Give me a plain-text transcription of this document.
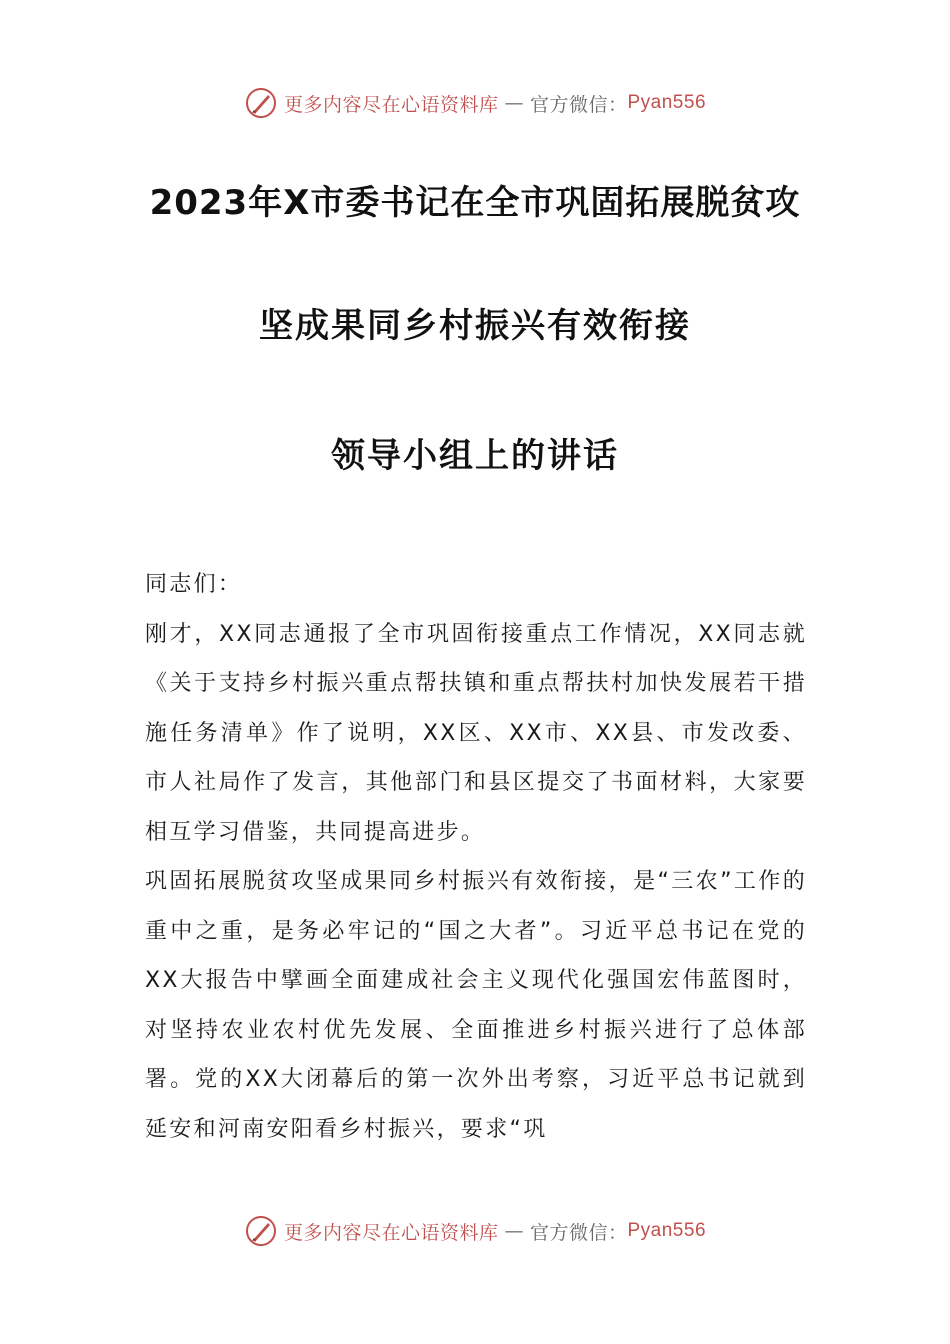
更多内容尽在心语资料库 — 官方微信： Pyan556
2023年X市委书记在全市巩固拓展脱贫攻
坚成果同乡村振兴有效衔接
领导小组上的讲话

同志们：

刚才，XX同志通报了全市巩固衔接重点工作情况，XX同志就《关于支持乡村振兴重点帮扶镇和重点帮扶村加快发展若干措施任务清单》作了说明，XX区、XX市、XX县、市发改委、市人社局作了发言，其他部门和县区提交了书面材料，大家要相互学习借鉴，共同提高进步。

巩固拓展脱贫攻坚成果同乡村振兴有效衔接，是“三农”工作的重中之重，是务必牢记的“国之大者”。习近平总书记在党的XX大报告中擘画全面建成社会主义现代化强国宏伟蓝图时，对坚持农业农村优先发展、全面推进乡村振兴进行了总体部署。党的XX大闭幕后的第一次外出考察，习近平总书记就到延安和河南安阳看乡村振兴，要求“巩

更多内容尽在心语资料库 — 官方微信： Pyan556
